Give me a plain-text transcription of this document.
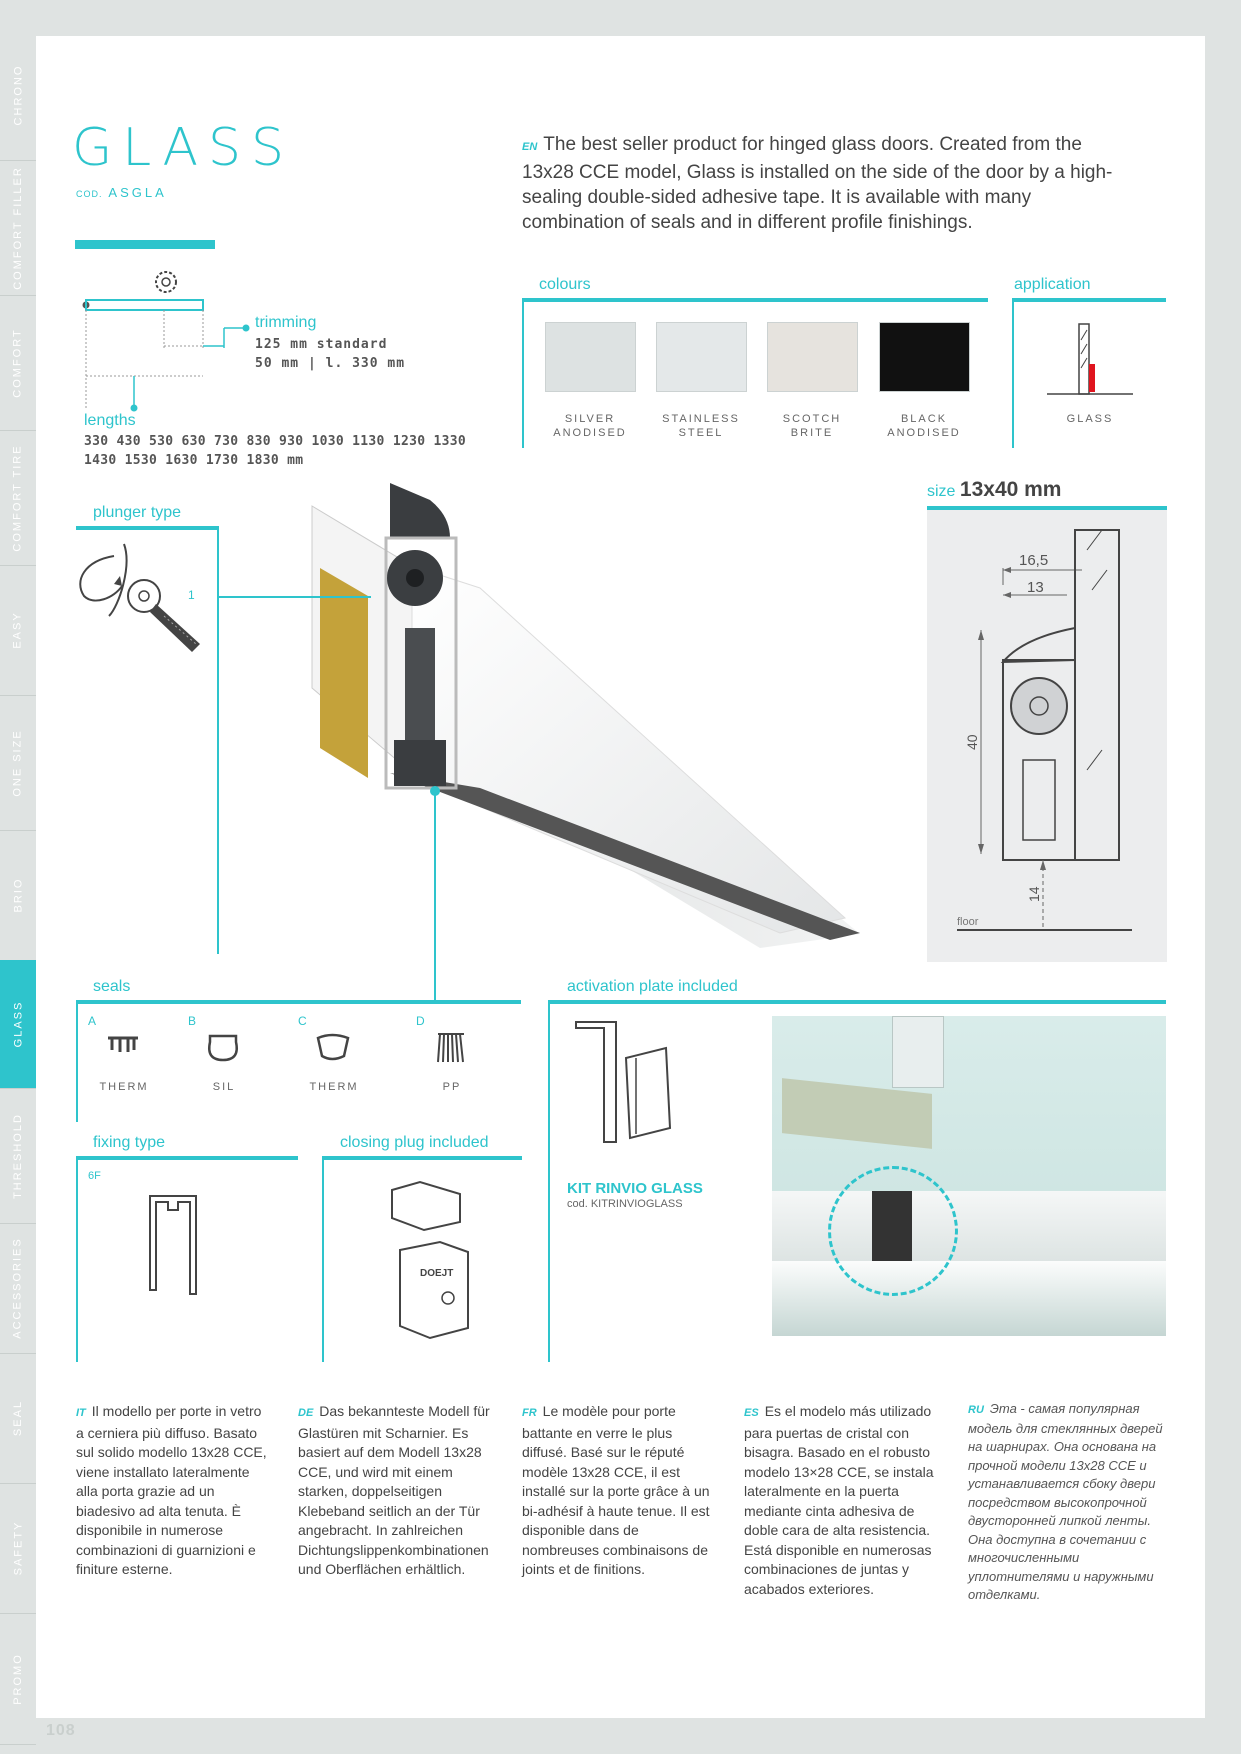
CHRONO
COMFORT FILLER
COMFORT
COMFORT TIRE
EASY
ONE SIZE
BRIO
GLASS
THRESHOLD
ACCESSORIES
SEAL
SAFETY
PROMO
GLASS
COD. ASGLA
EN The best seller product for hinged glass doors. Created from the 13x28 CCE model, Glass is installed on the side of the door by a high-sealing double-sided adhesive tape. It is available with many combination of seals and in different profile finishings.
trimming
125 mm standard
50 mm | l. 330 mm
lengths
330 430 530 630 730 830 930 1030 1130 1230 1330
1430 1530 1630 1730 1830 mm
colours
SILVER
ANODISED
STAINLESS
STEEL
SCOTCH
BRITE
BLACK
ANODISED
application
GLASS
plunger type
1
size 13x40 mm
16,5
13
40
14
floor
seals
A
THERM
B
SIL
C
THERM
D
PP
activation plate included
KIT RINVIO GLASS
cod. KITRINVIOGLASS
fixing type
6F
closing plug included
DOEJT
IT Il modello per porte in vetro a cerniera più diffuso. Basato sul solido modello 13x28 CCE, viene installato lateralmente alla porta grazie ad un biadesivo ad alta tenuta. È disponibile in numerose combinazioni di guarnizioni e finiture esterne.
DE Das bekannteste Modell für Glastüren mit Scharnier. Es basiert auf dem Modell 13x28 CCE, und wird mit einem starken, doppelseitigen Klebeband seitlich an der Tür angebracht. In zahlreichen Dichtungslippenkombinationen und Oberflächen erhältlich.
FR Le modèle pour porte battante en verre le plus diffusé. Basé sur le réputé modèle 13x28 CCE, il est installé sur la porte grâce à un bi-adhésif à haute tenue. Il est disponible dans de nombreuses combinaisons de joints et de finitions.
ES Es el modelo más utilizado para puertas de cristal con bisagra. Basado en el robusto modelo 13×28 CCE, se instala lateralmente en la puerta mediante cinta adhesiva de doble cara de alta resistencia. Está disponible en numerosas combinaciones de juntas y acabados exteriores.
RU Эта - самая популярная модель для стеклянных дверей на шарнирах. Она основана на прочной модели 13x28 CCE и устанавливается сбоку двери посредством высокопрочной двусторонней липкой ленты. Она доступна в сочетании с многочисленными уплотнителями и наружными отделками.
108
